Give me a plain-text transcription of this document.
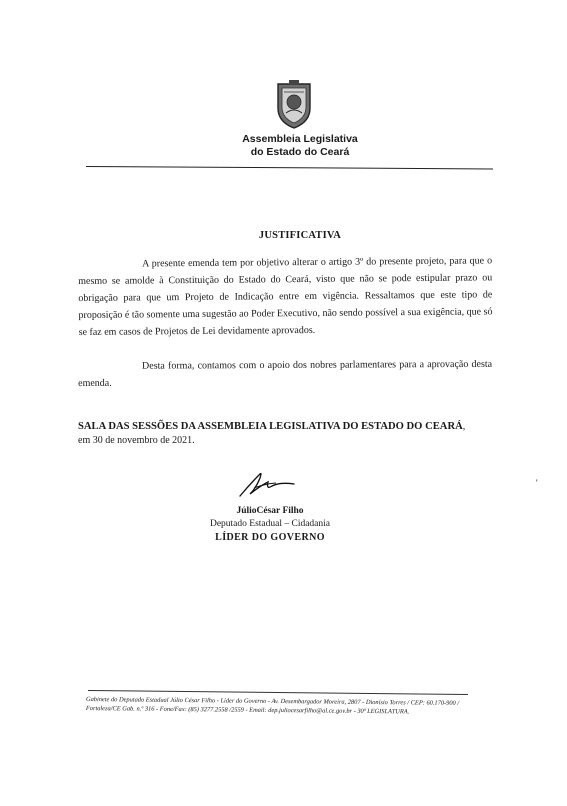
Assembleia Legislativa
do Estado do Ceará
JUSTIFICATIVA

A presente emenda tem por objetivo alterar o artigo 3º do presente projeto, para que o mesmo se amolde à Constituição do Estado do Ceará, visto que não se pode estipular prazo ou obrigação para que um Projeto de Indicação entre em vigência. Ressaltamos que este tipo de proposição é tão somente uma sugestão ao Poder Executivo, não sendo possível a sua exigência, que só se faz em casos de Projetos de Lei devidamente aprovados.

Desta forma, contamos com o apoio dos nobres parlamentares para a aprovação desta emenda.

SALA DAS SESSÕES DA ASSEMBLEIA LEGISLATIVA DO ESTADO DO CEARÁ, em 30 de novembro de 2021.

'
JúlioCésar Filho
Deputado Estadual – Cidadania
LÍDER DO GOVERNO
Gabinete do Deputado Estadual Júlio César Filho - Líder do Governo - Av. Desembargador Moreira, 2807 - Dionísio Torres / CEP: 60.170-900 /
Fortaleza/CE Gab. n.º 316 - Fone/Fax: (85) 3277.2558 /2559 - Email: dep.juliocesarfilho@al.ce.gov.br - 30ª LEGISLATURA.
